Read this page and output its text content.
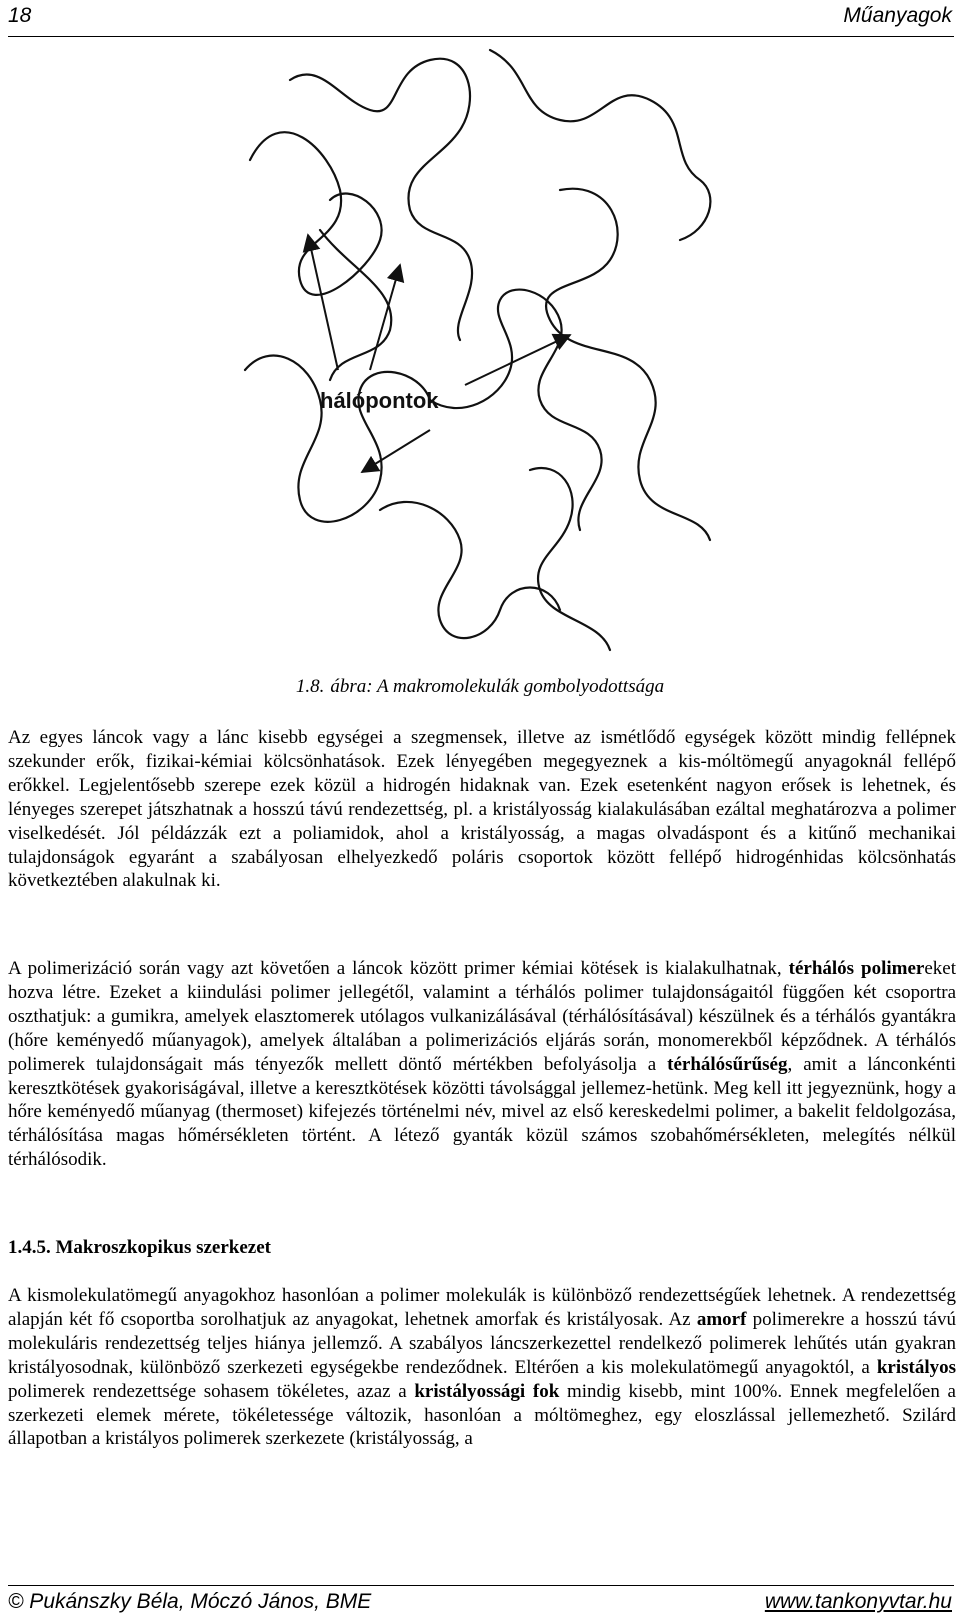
18	Műanyagok
hálópontok
1.8. ábra: A makromolekulák gombolyodottsága

Az egyes láncok vagy a lánc kisebb egységei a szegmensek, illetve az ismétlődő egységek között mindig fellépnek szekunder erők, fizikai-kémiai kölcsönhatások. Ezek lényegében megegyeznek a kis-móltömegű anyagoknál fellépő erőkkel. Legjelentősebb szerepe ezek közül a hidrogén hidaknak van. Ezek esetenként nagyon erősek is lehetnek, és lényeges szerepet játszhatnak a hosszú távú rendezettség, pl. a kristályosság kialakulásában ezáltal meghatározva a polimer viselkedését. Jól példázzák ezt a poliamidok, ahol a kristályosság, a magas olvadáspont és a kitűnő mechanikai tulajdonságok egyaránt a szabályosan elhelyezkedő poláris csoportok között fellépő hidrogénhidas kölcsönhatás következtében alakulnak ki.

A polimerizáció során vagy azt követően a láncok között primer kémiai kötések is kialakulhatnak, térhálós polimereket hozva létre. Ezeket a kiindulási polimer jellegétől, valamint a térhálós polimer tulajdonságaitól függően két csoportra oszthatjuk: a gumikra, amelyek elasztomerek utólagos vulkanizálásával (térhálósításával) készülnek és a térhálós gyantákra (hőre keményedő műanyagok), amelyek általában a polimerizációs eljárás során, monomerekből képződnek. A térhálós polimerek tulajdonságait más tényezők mellett döntő mértékben befolyásolja a térhálósűrűség, amit a lánconkénti keresztkötések gyakoriságával, illetve a keresztkötések közötti távolsággal jellemez-hetünk. Meg kell itt jegyeznünk, hogy a hőre keményedő műanyag (thermoset) kifejezés történelmi név, mivel az első kereskedelmi polimer, a bakelit feldolgozása, térhálósítása magas hőmérsékleten történt. A létező gyanták közül számos szobahőmérsékleten, melegítés nélkül térhálósodik.

1.4.5. Makroszkopikus szerkezet

A kismolekulatömegű anyagokhoz hasonlóan a polimer molekulák is különböző rendezettségűek lehetnek. A rendezettség alapján két fő csoportba sorolhatjuk az anyagokat, lehetnek amorfak és kristályosak. Az amorf polimerekre a hosszú távú molekuláris rendezettség teljes hiánya jellemző. A szabályos láncszerkezettel rendelkező polimerek lehűtés után gyakran kristályosodnak, különböző szerkezeti egységekbe rendeződnek. Eltérően a kis molekulatömegű anyagoktól, a kristályos polimerek rendezettsége sohasem tökéletes, azaz a kristályossági fok mindig kisebb, mint 100%. Ennek megfelelően a szerkezeti elemek mérete, tökéletessége változik, hasonlóan a móltömeghez, egy eloszlással jellemezhető. Szilárd állapotban a kristályos polimerek szerkezete (kristályosság, a

© Pukánszky Béla, Móczó János, BME	www.tankonyvtar.hu
